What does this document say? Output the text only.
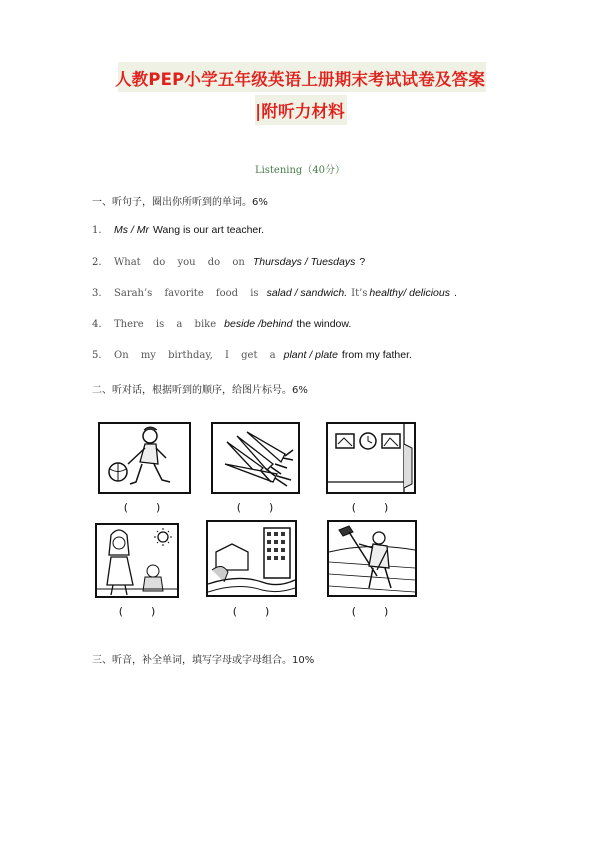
人教PEP小学五年级英语上册期末考试试卷及答案
|附听力材料
Listening（40分）
一、听句子，圈出你所听到的单词。6%
1.	Ms / Mr Wang is our art teacher.
2.	What do you do on Thursdays / Tuesdays ?
3.	Sarah’s favorite food is salad / sandwich. It’s healthy/ delicious .
4.	There is a bike beside /behind the window.
5.	On my birthday, I get a plant / plate from my father.
二、听对话，根据听到的顺序，给图片标号。6%
( )	( )	( )
( )	( )	( )
三、听音，补全单词，填写字母或字母组合。10%
